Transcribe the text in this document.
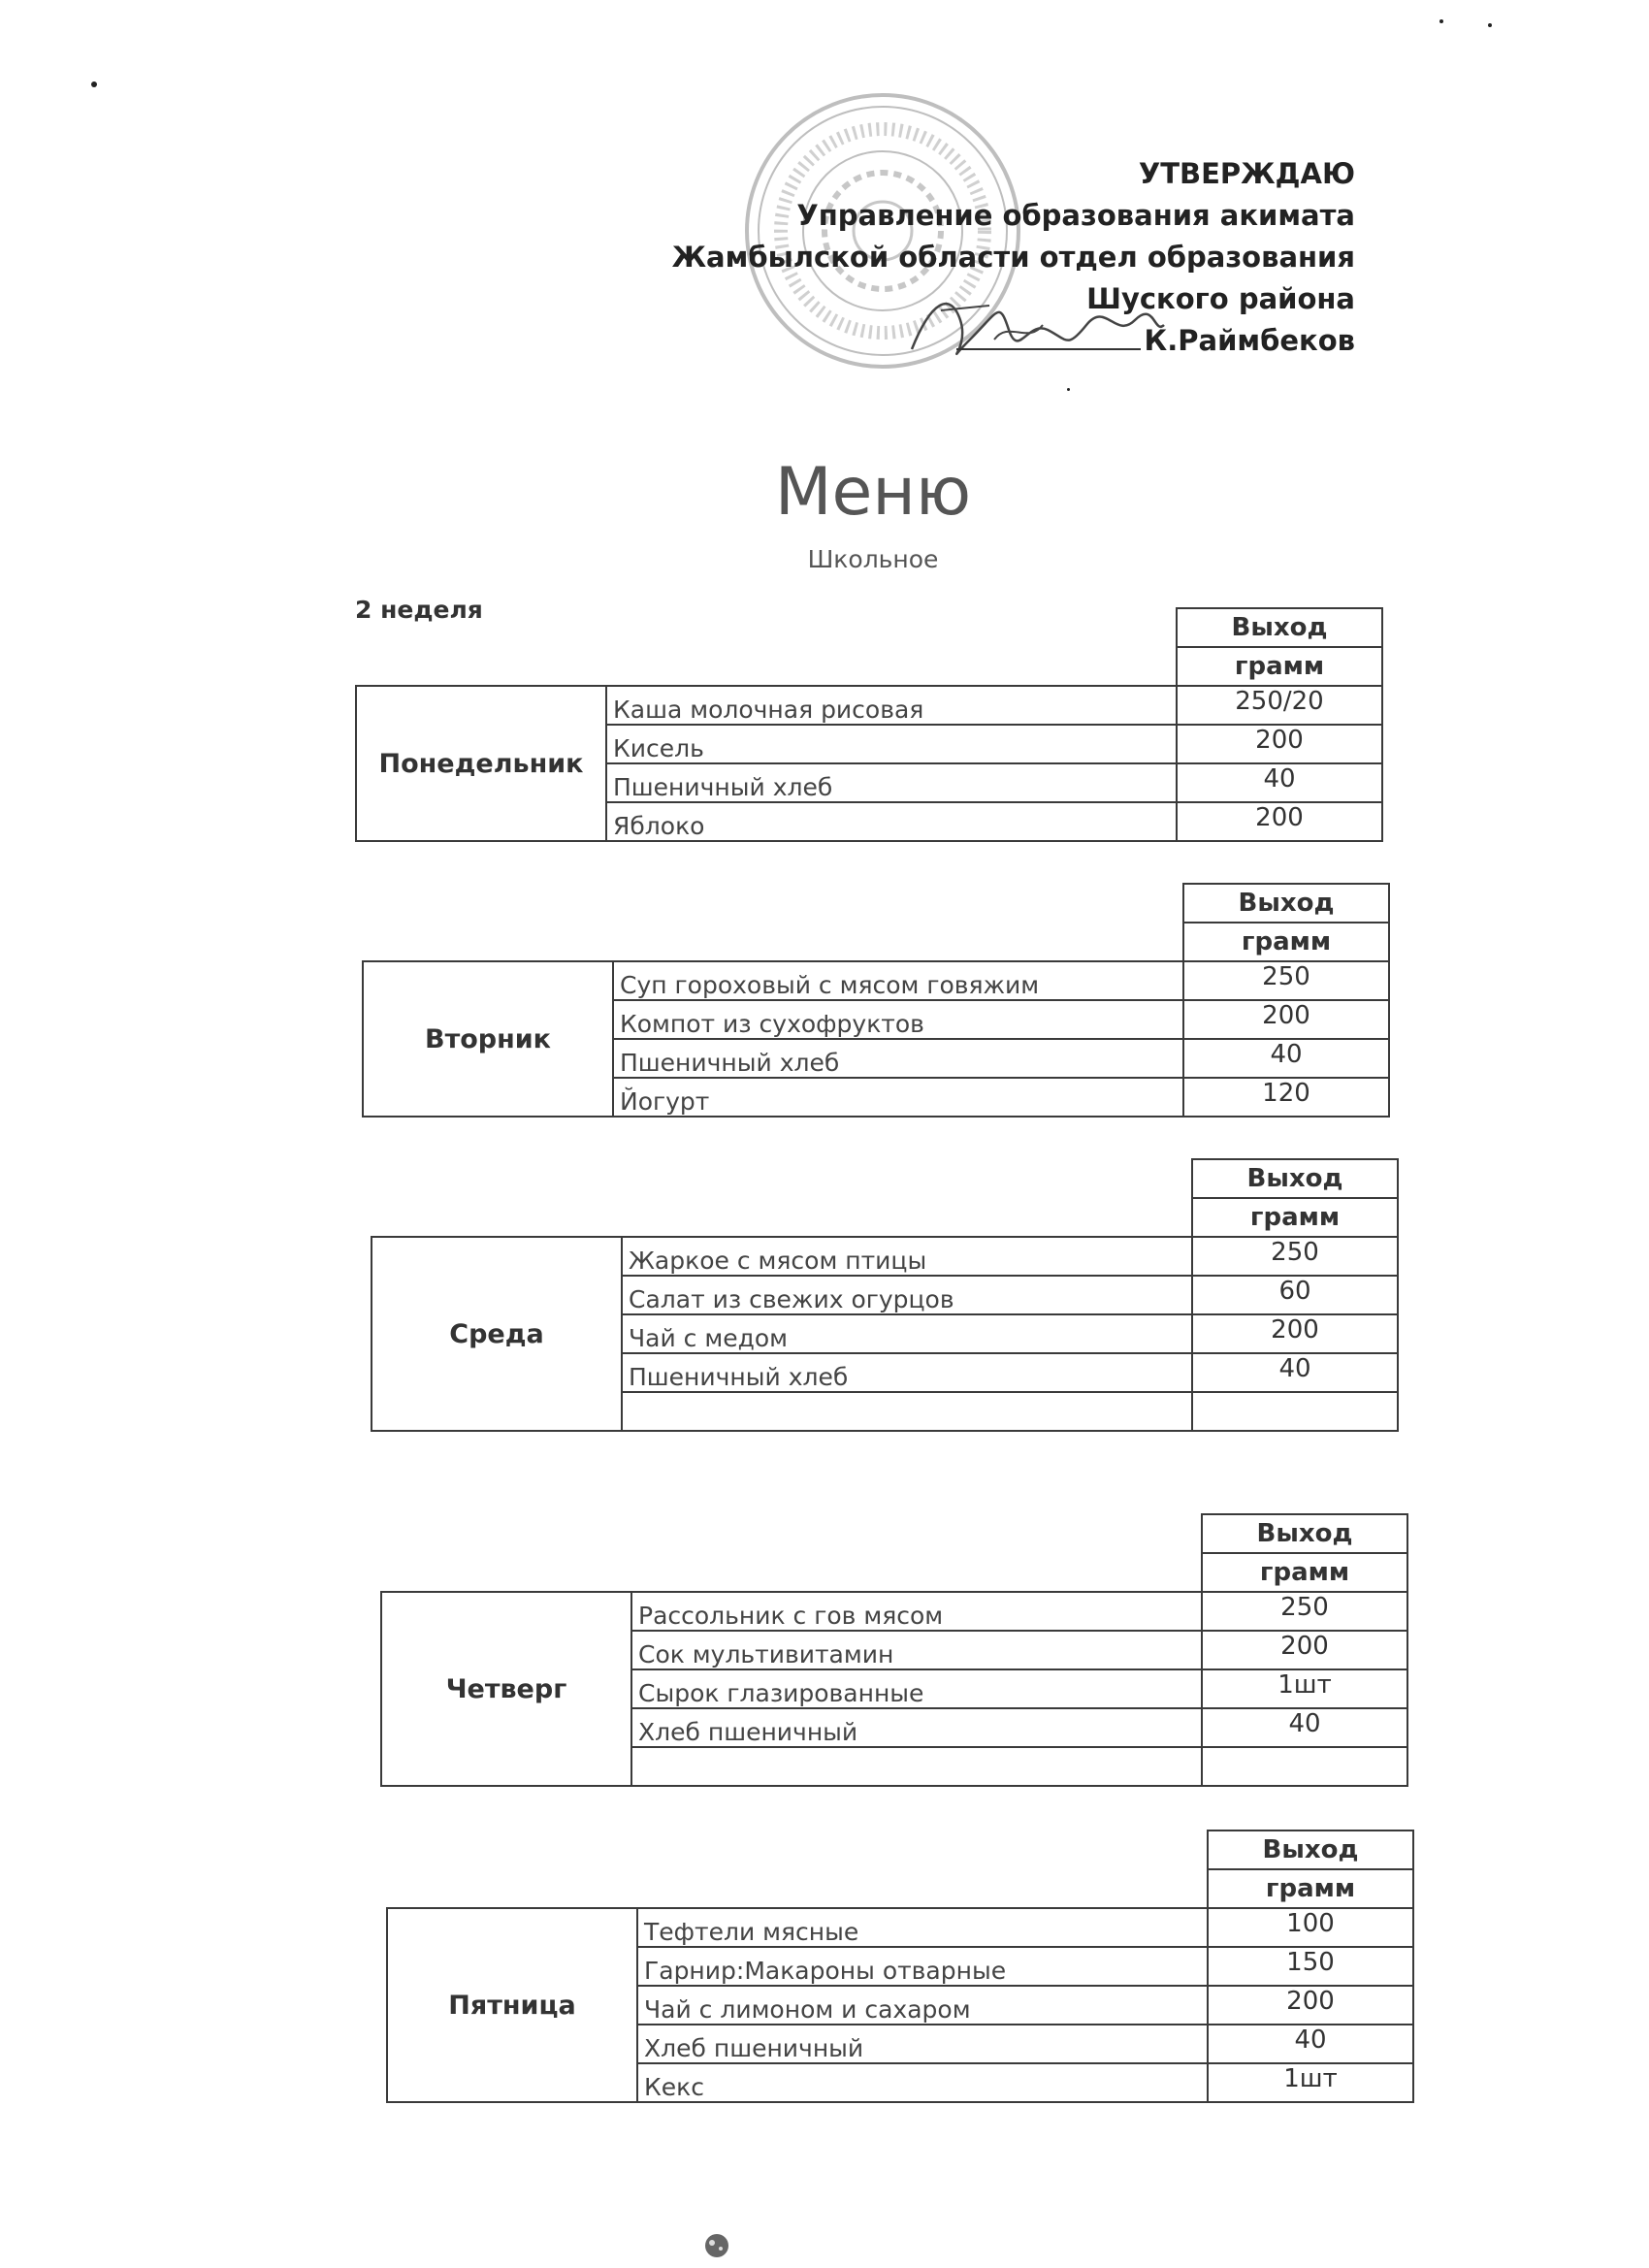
УТВЕРЖДАЮ
Управление образования акимата
Жамбылской области отдел образования
Шуского района
К.Раймбеков
Меню
Школьное
2 неделя
		Выход
		грамм
Понедельник	Каша молочная рисовая	250/20
	Кисель	200
	Пшеничный хлеб	40
	Яблоко	200
		Выход
		грамм
Вторник	Суп гороховый с мясом говяжим	250
	Компот из сухофруктов	200
	Пшеничный хлеб	40
	Йогурт	120
		Выход
		грамм
Среда	Жаркое с мясом птицы	250
	Салат из свежих огурцов	60
	Чай с медом	200
	Пшеничный хлеб	40

		Выход
		грамм
Четверг	Рассольник с гов мясом	250
	Сок мультивитамин	200
	Сырок глазированные	1шт
	Хлеб пшеничный	40

		Выход
		грамм
Пятница	Тефтели мясные	100
	Гарнир:Макароны отварные	150
	Чай с лимоном и сахаром	200
	Хлеб пшеничный	40
	Кекс	1шт
